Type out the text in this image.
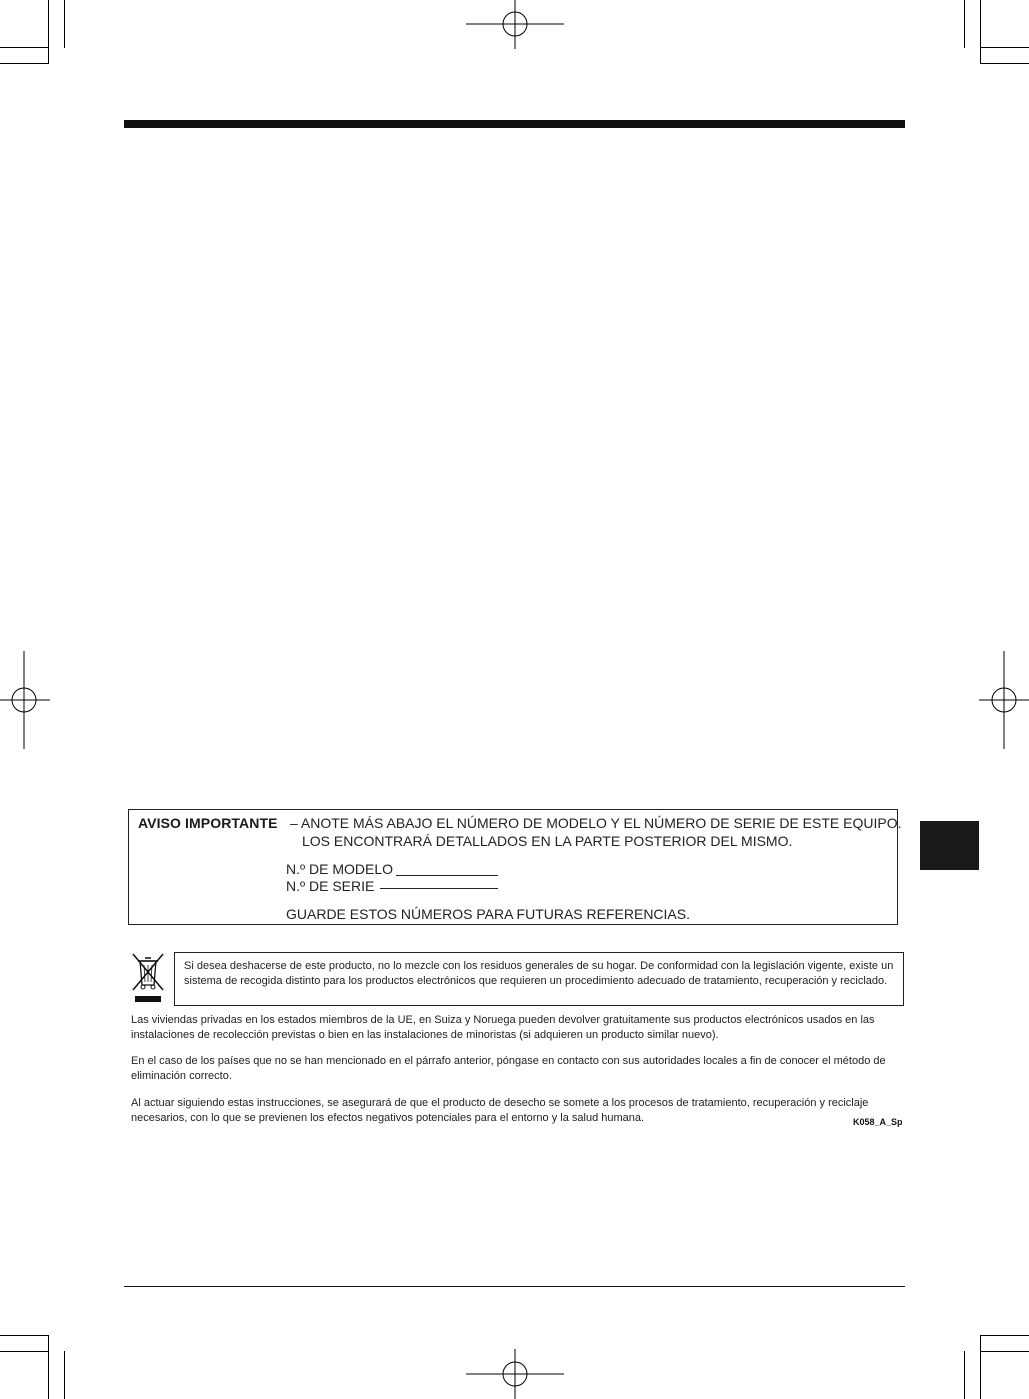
AVISO IMPORTANTE – ANOTE MÁS ABAJO EL NÚMERO DE MODELO Y EL NÚMERO DE SERIE DE ESTE EQUIPO.
LOS ENCONTRARÁ DETALLADOS EN LA PARTE POSTERIOR DEL MISMO.
N.º DE MODELO
N.º DE SERIE
GUARDE ESTOS NÚMEROS PARA FUTURAS REFERENCIAS.
Si desea deshacerse de este producto, no lo mezcle con los residuos generales de su hogar. De conformidad con la legislación vigente, existe un sistema de recogida distinto para los productos electrónicos que requieren un procedimiento adecuado de tratamiento, recuperación y reciclado.
Las viviendas privadas en los estados miembros de la UE, en Suiza y Noruega pueden devolver gratuitamente sus productos electrónicos usados en las instalaciones de recolección previstas o bien en las instalaciones de minoristas (si adquieren un producto similar nuevo).
En el caso de los países que no se han mencionado en el párrafo anterior, póngase en contacto con sus autoridades locales a fin de conocer el método de eliminación correcto.
Al actuar siguiendo estas instrucciones, se asegurará de que el producto de desecho se somete a los procesos de tratamiento, recuperación y reciclaje necesarios, con lo que se previenen los efectos negativos potenciales para el entorno y la salud humana.	K058_A_Sp
